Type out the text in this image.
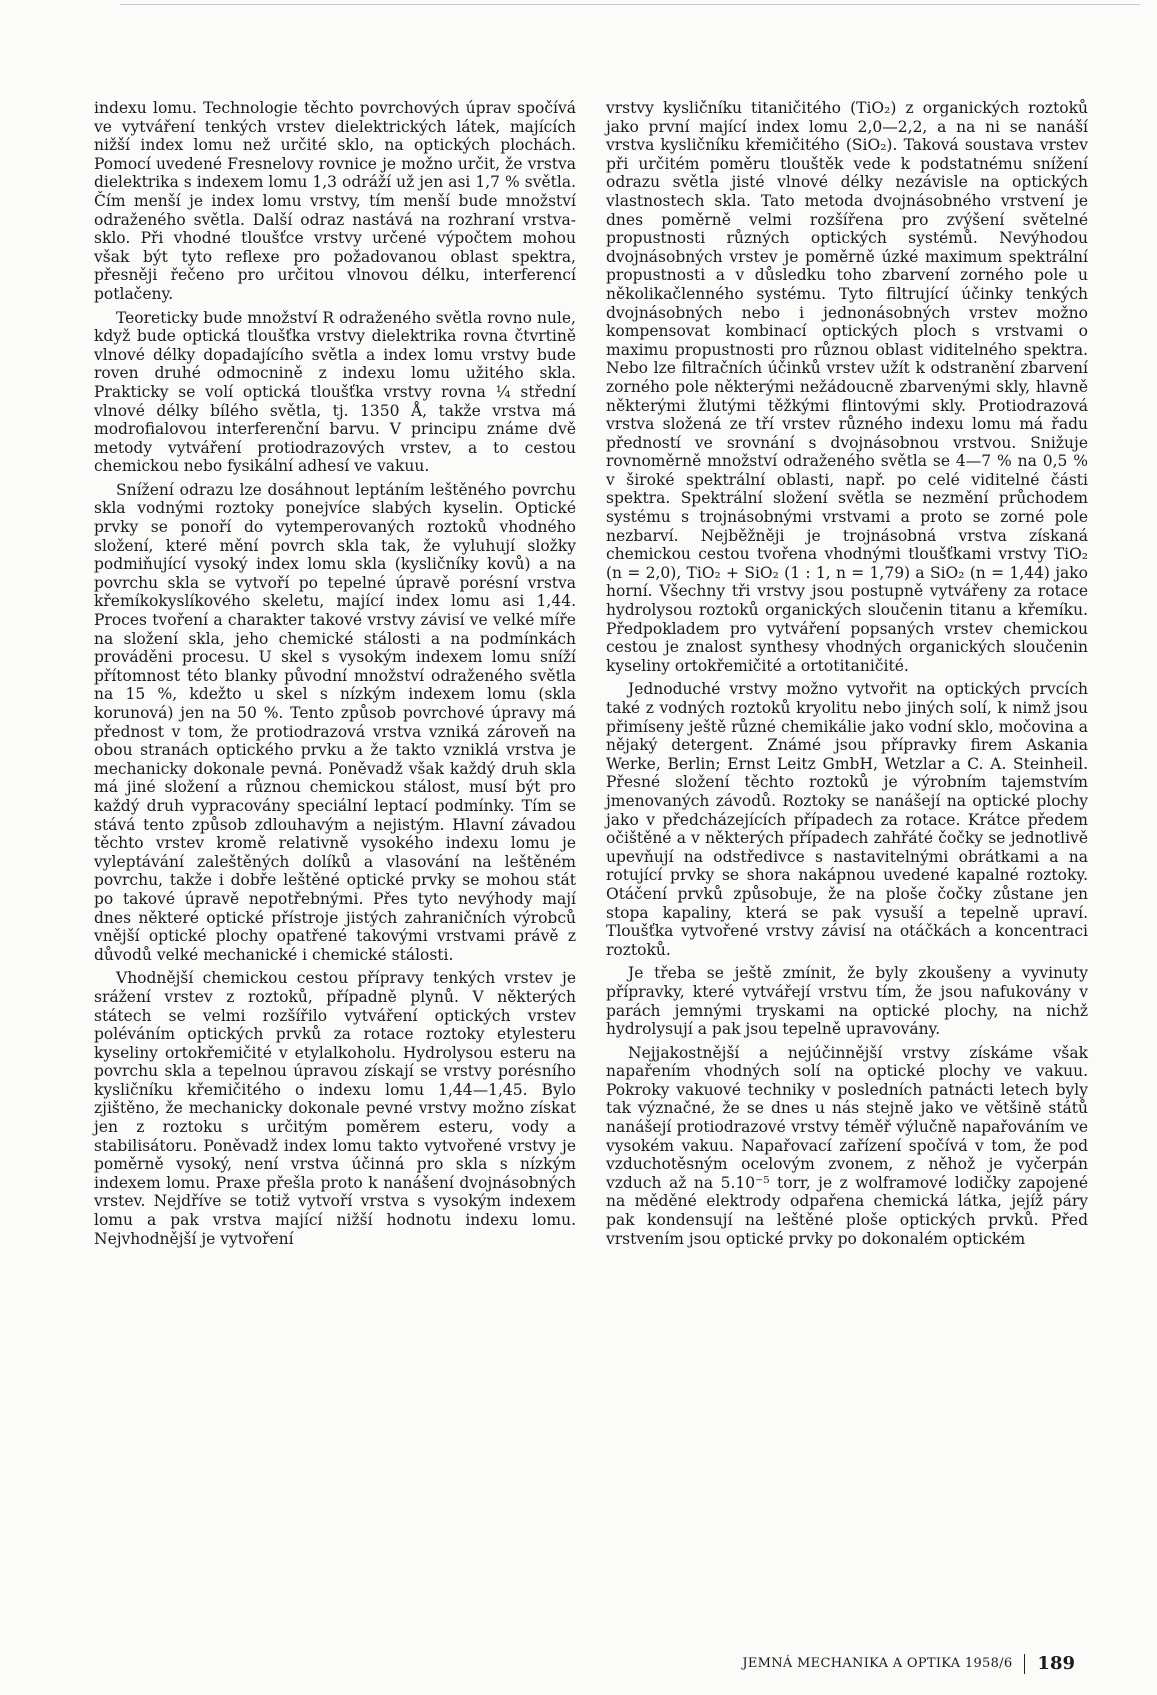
indexu lomu. Technologie těchto povrchových úprav spočívá ve vytváření tenkých vrstev dielektrických látek, majících nižší index lomu než určité sklo, na optických plochách. Pomocí uvedené Fresnelovy rovnice je možno určit, že vrstva dielektrika s indexem lomu 1,3 odráží už jen asi 1,7 % světla. Čím menší je index lomu vrstvy, tím menší bude množství odraženého světla. Další odraz nastává na rozhraní vrstva-sklo. Při vhodné tloušťce vrstvy určené výpočtem mohou však být tyto reflexe pro požadovanou oblast spektra, přesněji řečeno pro určitou vlnovou délku, interferencí potlačeny.

Teoreticky bude množství R odraženého světla rovno nule, když bude optická tloušťka vrstvy dielektrika rovna čtvrtině vlnové délky dopadajícího světla a index lomu vrstvy bude roven druhé odmocnině z indexu lomu užitého skla. Prakticky se volí optická tloušťka vrstvy rovna ¼ střední vlnové délky bílého světla, tj. 1350 Å, takže vrstva má modrofialovou interferenční barvu. V principu známe dvě metody vytváření protiodrazových vrstev, a to cestou chemickou nebo fysikální adhesí ve vakuu.

Snížení odrazu lze dosáhnout leptáním leštěného povrchu skla vodnými roztoky ponejvíce slabých kyselin. Optické prvky se ponoří do vytemperovaných roztoků vhodného složení, které mění povrch skla tak, že vyluhují složky podmiňující vysoký index lomu skla (kysličníky kovů) a na povrchu skla se vytvoří po tepelné úpravě porésní vrstva křemíkokyslíkového skeletu, mající index lomu asi 1,44. Proces tvoření a charakter takové vrstvy závisí ve velké míře na složení skla, jeho chemické stálosti a na podmínkách prováděni procesu. U skel s vysokým indexem lomu sníží přítomnost této blanky původní množství odraženého světla na 15 %, kdežto u skel s nízkým indexem lomu (skla korunová) jen na 50 %. Tento způsob povrchové úpravy má přednost v tom, že protiodrazová vrstva vzniká zároveň na obou stranách optického prvku a že takto vzniklá vrstva je mechanicky dokonale pevná. Poněvadž však každý druh skla má jiné složení a různou chemickou stálost, musí být pro každý druh vypracovány speciální leptací podmínky. Tím se stává tento způsob zdlouhavým a nejistým. Hlavní závadou těchto vrstev kromě relativně vysokého indexu lomu je vyleptávání zaleštěných dolíků a vlasování na leštěném povrchu, takže i dobře leštěné optické prvky se mohou stát po takové úpravě nepotřebnými. Přes tyto nevýhody mají dnes některé optické přístroje jistých zahraničních výrobců vnější optické plochy opatřené takovými vrstvami právě z důvodů velké mechanické i chemické stálosti.

Vhodnější chemickou cestou přípravy tenkých vrstev je srážení vrstev z roztoků, případně plynů. V některých státech se velmi rozšířilo vytváření optických vrstev poléváním optických prvků za rotace roztoky etylesteru kyseliny ortokřemičité v etylalkoholu. Hydrolysou esteru na povrchu skla a tepelnou úpravou získají se vrstvy porésního kysličníku křemičitého o indexu lomu 1,44—1,45. Bylo zjištěno, že mechanicky dokonale pevné vrstvy možno získat jen z roztoku s určitým poměrem esteru, vody a stabilisátoru. Poněvadž index lomu takto vytvořené vrstvy je poměrně vysoký, není vrstva účinná pro skla s nízkým indexem lomu. Praxe přešla proto k nanášení dvojnásobných vrstev. Nejdříve se totiž vytvoří vrstva s vysokým indexem lomu a pak vrstva mající nižší hodnotu indexu lomu. Nejvhodnější je vytvoření

vrstvy kysličníku titaničitého (TiO₂) z organických roztoků jako první mající index lomu 2,0—2,2, a na ni se nanáší vrstva kysličníku křemičitého (SiO₂). Taková soustava vrstev při určitém poměru tlouštěk vede k podstatnému snížení odrazu světla jisté vlnové délky nezávisle na optických vlastnostech skla. Tato metoda dvojnásobného vrstvení je dnes poměrně velmi rozšířena pro zvýšení světelné propustnosti různých optických systémů. Nevýhodou dvojnásobných vrstev je poměrně úzké maximum spektrální propustnosti a v důsledku toho zbarvení zorného pole u několikačlenného systému. Tyto filtrující účinky tenkých dvojnásobných nebo i jednonásobných vrstev možno kompensovat kombinací optických ploch s vrstvami o maximu propustnosti pro různou oblast viditelného spektra. Nebo lze filtračních účinků vrstev užít k odstranění zbarvení zorného pole některými nežádoucně zbarvenými skly, hlavně některými žlutými těžkými flintovými skly. Protiodrazová vrstva složená ze tří vrstev různého indexu lomu má řadu předností ve srovnání s dvojnásobnou vrstvou. Snižuje rovnoměrně množství odraženého světla se 4—7 % na 0,5 % v široké spektrální oblasti, např. po celé viditelné části spektra. Spektrální složení světla se nezmění průchodem systému s trojnásobnými vrstvami a proto se zorné pole nezbarví. Nejběžněji je trojnásobná vrstva získaná chemickou cestou tvořena vhodnými tloušťkami vrstvy TiO₂ (n = 2,0), TiO₂ + SiO₂ (1 : 1, n = 1,79) a SiO₂ (n = 1,44) jako horní. Všechny tři vrstvy jsou postupně vytvářeny za rotace hydrolysou roztoků organických sloučenin titanu a křemíku. Předpokladem pro vytváření popsaných vrstev chemickou cestou je znalost synthesy vhodných organických sloučenin kyseliny ortokřemičité a ortotitaničité.

Jednoduché vrstvy možno vytvořit na optických prvcích také z vodných roztoků kryolitu nebo jiných solí, k nimž jsou přimíseny ještě různé chemikálie jako vodní sklo, močovina a nějaký detergent. Známé jsou přípravky firem Askania Werke, Berlin; Ernst Leitz GmbH, Wetzlar a C. A. Steinheil. Přesné složení těchto roztoků je výrobním tajemstvím jmenovaných závodů. Roztoky se nanášejí na optické plochy jako v předcházejících případech za rotace. Krátce předem očištěné a v některých případech zahřáté čočky se jednotlivě upevňují na odstředivce s nastavitelnými obrátkami a na rotující prvky se shora nakápnou uvedené kapalné roztoky. Otáčení prvků způsobuje, že na ploše čočky zůstane jen stopa kapaliny, která se pak vysuší a tepelně upraví. Tloušťka vytvořené vrstvy závisí na otáčkách a koncentraci roztoků.

Je třeba se ještě zmínit, že byly zkoušeny a vyvinuty přípravky, které vytvářejí vrstvu tím, že jsou nafukovány v parách jemnými tryskami na optické plochy, na nichž hydrolysují a pak jsou tepelně upravovány.

Nejjakostnější a nejúčinnější vrstvy získáme však napařením vhodných solí na optické plochy ve vakuu. Pokroky vakuové techniky v posledních patnácti letech byly tak význačné, že se dnes u nás stejně jako ve většině států nanášejí protiodrazové vrstvy téměř výlučně napařováním ve vysokém vakuu. Napařovací zařízení spočívá v tom, že pod vzduchotěsným ocelovým zvonem, z něhož je vyčerpán vzduch až na 5.10⁻⁵ torr, je z wolframové lodičky zapojené na měděné elektrody odpařena chemická látka, jejíž páry pak kondensují na leštěné ploše optických prvků. Před vrstvením jsou optické prvky po dokonalém optickém

JEMNÁ MECHANIKA A OPTIKA 1958/6 189
